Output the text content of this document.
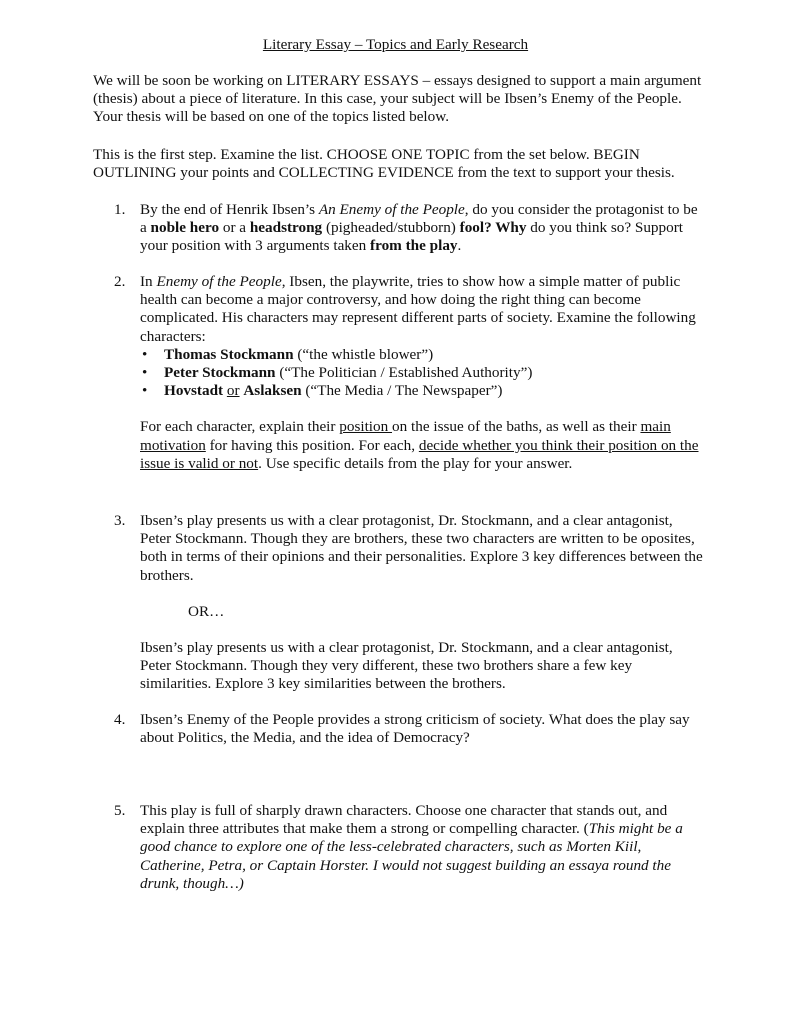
Literary Essay – Topics and Early Research

We will be soon be working on LITERARY ESSAYS – essays designed to support a main argument (thesis) about a piece of literature. In this case, your subject will be Ibsen’s Enemy of the People. Your thesis will be based on one of the topics listed below.

This is the first step. Examine the list. CHOOSE ONE TOPIC from the set below. BEGIN OUTLINING your points and COLLECTING EVIDENCE from the text to support your thesis.

1. By the end of Henrik Ibsen’s An Enemy of the People, do you consider the protagonist to be a noble hero or a headstrong (pigheaded/stubborn) fool? Why do you think so? Support your position with 3 arguments taken from the play.
2. In Enemy of the People, Ibsen, the playwrite, tries to show how a simple matter of public health can become a major controversy, and how doing the right thing can become complicated. His characters may represent different parts of society. Examine the following characters:

• Thomas Stockmann (“the whistle blower”)
• Peter Stockmann (“The Politician / Established Authority”)
• Hovstadt or Aslaksen (“The Media / The Newspaper”)

For each character, explain their position on the issue of the baths, as well as their main motivation for having this position. For each, decide whether you think their position on the issue is valid or not. Use specific details from the play for your answer.

3. Ibsen’s play presents us with a clear protagonist, Dr. Stockmann, and a clear antagonist, Peter Stockmann. Though they are brothers, these two characters are written to be oposites, both in terms of their opinions and their personalities. Explore 3 key differences between the brothers.

OR…

Ibsen’s play presents us with a clear protagonist, Dr. Stockmann, and a clear antagonist, Peter Stockmann. Though they very different, these two brothers share a few key similarities. Explore 3 key similarities between the brothers.

4. Ibsen’s Enemy of the People provides a strong criticism of society. What does the play say about Politics, the Media, and the idea of Democracy?
5. This play is full of sharply drawn characters. Choose one character that stands out, and explain three attributes that make them a strong or compelling character. (This might be a good chance to explore one of the less-celebrated characters, such as Morten Kiil, Catherine, Petra, or Captain Horster. I would not suggest building an essaya round the drunk, though…)
